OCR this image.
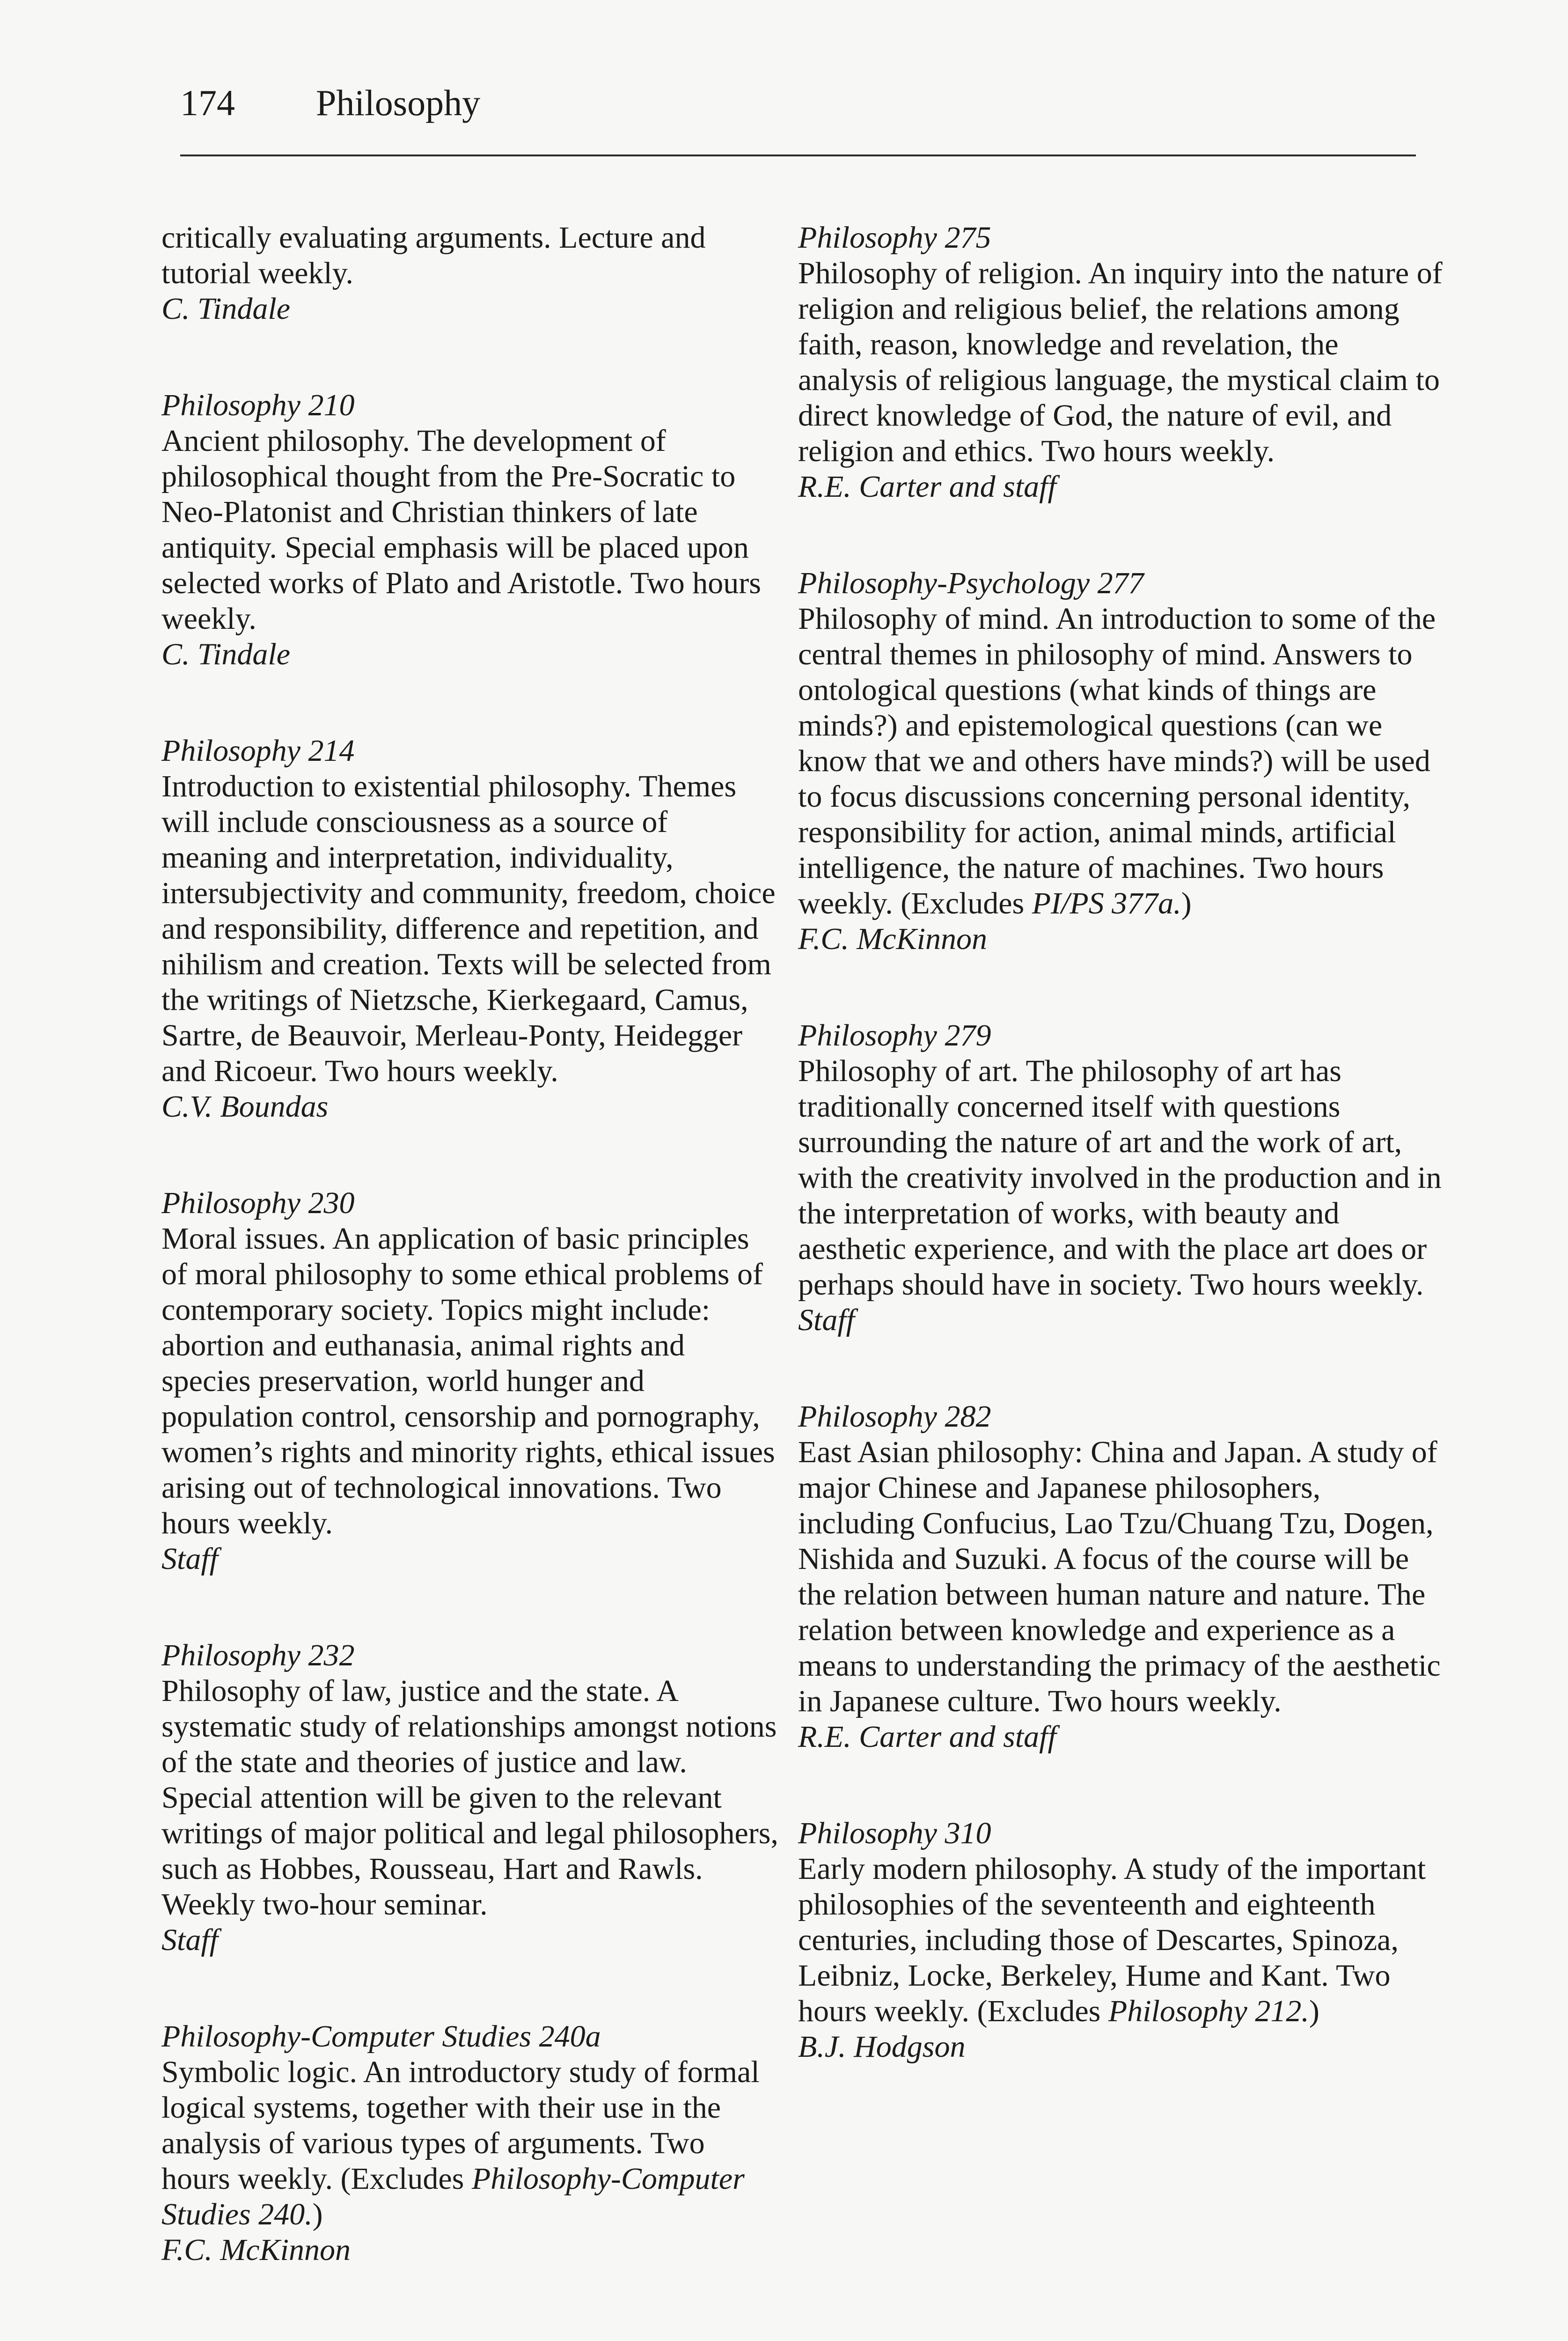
174 Philosophy
critically evaluating arguments. Lecture and tutorial weekly.
C. Tindale
Philosophy 210
Ancient philosophy. The development of philosophical thought from the Pre-Socratic to Neo-Platonist and Christian thinkers of late antiquity. Special emphasis will be placed upon selected works of Plato and Aristotle. Two hours weekly.
C. Tindale
Philosophy 214
Introduction to existential philosophy. Themes will include consciousness as a source of meaning and interpretation, individuality, intersubjectivity and community, freedom, choice and responsibility, difference and repetition, and nihilism and creation. Texts will be selected from the writings of Nietzsche, Kierkegaard, Camus, Sartre, de Beauvoir, Merleau-Ponty, Heidegger and Ricoeur. Two hours weekly.
C.V. Boundas
Philosophy 230
Moral issues. An application of basic principles of moral philosophy to some ethical problems of contemporary society. Topics might include: abortion and euthanasia, animal rights and species preservation, world hunger and population control, censorship and pornography, women’s rights and minority rights, ethical issues arising out of technological innovations. Two hours weekly.
Staff
Philosophy 232
Philosophy of law, justice and the state. A systematic study of relationships amongst notions of the state and theories of justice and law. Special attention will be given to the relevant writings of major political and legal philosophers, such as Hobbes, Rousseau, Hart and Rawls. Weekly two-hour seminar.
Staff
Philosophy-Computer Studies 240a
Symbolic logic. An introductory study of formal logical systems, together with their use in the analysis of various types of arguments. Two hours weekly. (Excludes Philosophy-Computer Studies 240.)
F.C. McKinnon
Philosophy 275
Philosophy of religion. An inquiry into the nature of religion and religious belief, the relations among faith, reason, knowledge and revelation, the analysis of religious language, the mystical claim to direct knowledge of God, the nature of evil, and religion and ethics. Two hours weekly.
R.E. Carter and staff
Philosophy-Psychology 277
Philosophy of mind. An introduction to some of the central themes in philosophy of mind. Answers to ontological questions (what kinds of things are minds?) and epistemological questions (can we know that we and others have minds?) will be used to focus discussions concerning personal identity, responsibility for action, animal minds, artificial intelligence, the nature of machines. Two hours weekly. (Excludes PI/PS 377a.)
F.C. McKinnon
Philosophy 279
Philosophy of art. The philosophy of art has traditionally concerned itself with questions surrounding the nature of art and the work of art, with the creativity involved in the production and in the interpretation of works, with beauty and aesthetic experience, and with the place art does or perhaps should have in society. Two hours weekly.
Staff
Philosophy 282
East Asian philosophy: China and Japan. A study of major Chinese and Japanese philosophers, including Confucius, Lao Tzu/Chuang Tzu, Dogen, Nishida and Suzuki. A focus of the course will be the relation between human nature and nature. The relation between knowledge and experience as a means to understanding the primacy of the aesthetic in Japanese culture. Two hours weekly.
R.E. Carter and staff
Philosophy 310
Early modern philosophy. A study of the important philosophies of the seventeenth and eighteenth centuries, including those of Descartes, Spinoza, Leibniz, Locke, Berkeley, Hume and Kant. Two hours weekly. (Excludes Philosophy 212.)
B.J. Hodgson
